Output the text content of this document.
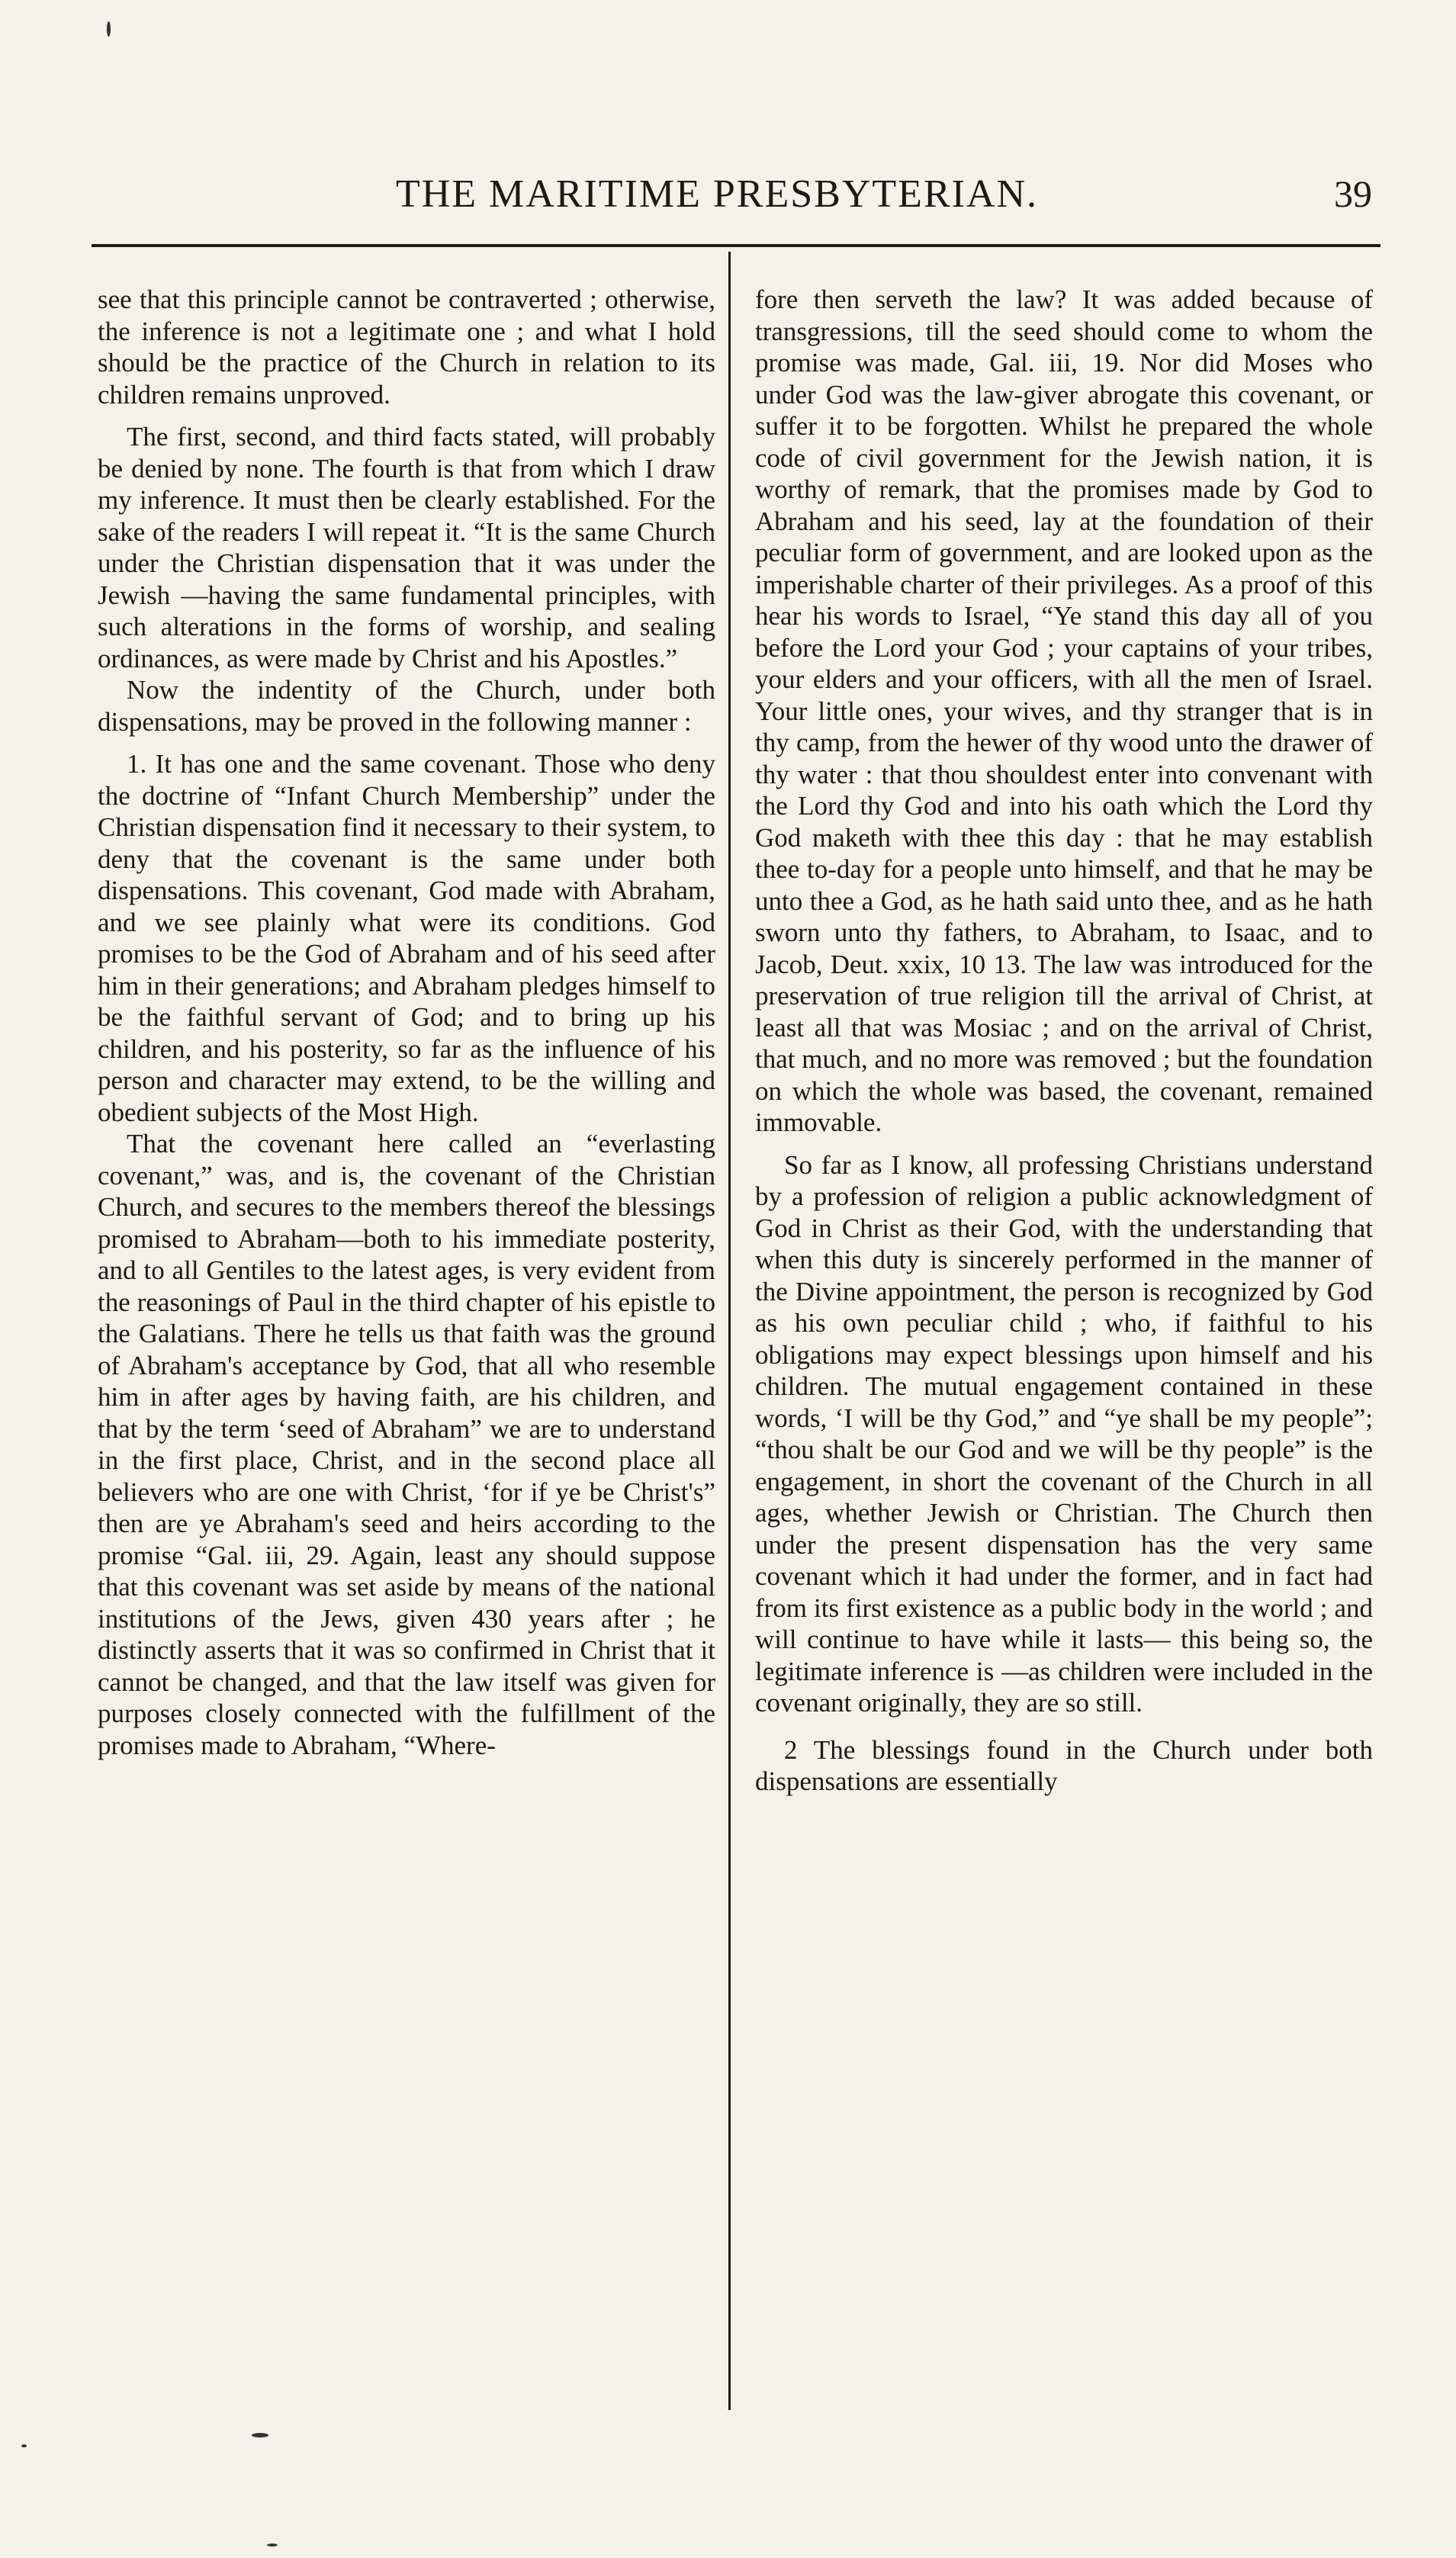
THE MARITIME PRESBYTERIAN.	39

see that this principle cannot be contraverted ; otherwise, the inference is not a legitimate one ; and what I hold should be the practice of the Church in relation to its children remains unproved.

The first, second, and third facts stated, will probably be denied by none. The fourth is that from which I draw my inference. It must then be clearly established. For the sake of the readers I will repeat it. “It is the same Church under the Christian dispensation that it was under the Jewish —having the same fundamental principles, with such alterations in the forms of worship, and sealing ordinances, as were made by Christ and his Apostles.”

Now the indentity of the Church, under both dispensations, may be proved in the following manner :

1. It has one and the same covenant. Those who deny the doctrine of “Infant Church Membership” under the Christian dispensation find it necessary to their system, to deny that the covenant is the same under both dispensations. This covenant, God made with Abraham, and we see plainly what were its conditions. God promises to be the God of Abraham and of his seed after him in their generations; and Abraham pledges himself to be the faithful servant of God; and to bring up his children, and his posterity, so far as the influence of his person and character may extend, to be the willing and obedient subjects of the Most High.

That the covenant here called an “everlasting covenant,” was, and is, the covenant of the Christian Church, and secures to the members thereof the blessings promised to Abraham—both to his immediate posterity, and to all Gentiles to the latest ages, is very evident from the reasonings of Paul in the third chapter of his epistle to the Galatians. There he tells us that faith was the ground of Abraham's acceptance by God, that all who resemble him in after ages by having faith, are his children, and that by the term ‘seed of Abraham” we are to understand in the first place, Christ, and in the second place all believers who are one with Christ, ‘for if ye be Christ's” then are ye Abraham's seed and heirs according to the promise “Gal. iii, 29. Again, least any should suppose that this covenant was set aside by means of the national institutions of the Jews, given 430 years after ; he distinctly asserts that it was so confirmed in Christ that it cannot be changed, and that the law itself was given for purposes closely connected with the fulfillment of the promises made to Abraham, “Where-

fore then serveth the law? It was added because of transgressions, till the seed should come to whom the promise was made, Gal. iii, 19. Nor did Moses who under God was the law-giver abrogate this covenant, or suffer it to be forgotten. Whilst he prepared the whole code of civil government for the Jewish nation, it is worthy of remark, that the promises made by God to Abraham and his seed, lay at the foundation of their peculiar form of government, and are looked upon as the imperishable charter of their privileges. As a proof of this hear his words to Israel, “Ye stand this day all of you before the Lord your God ; your captains of your tribes, your elders and your officers, with all the men of Israel. Your little ones, your wives, and thy stranger that is in thy camp, from the hewer of thy wood unto the drawer of thy water : that thou shouldest enter into convenant with the Lord thy God and into his oath which the Lord thy God maketh with thee this day : that he may establish thee to-day for a people unto himself, and that he may be unto thee a God, as he hath said unto thee, and as he hath sworn unto thy fathers, to Abraham, to Isaac, and to Jacob, Deut. xxix, 10 13. The law was introduced for the preservation of true religion till the arrival of Christ, at least all that was Mosiac ; and on the arrival of Christ, that much, and no more was removed ; but the foundation on which the whole was based, the covenant, remained immovable.

So far as I know, all professing Christians understand by a profession of religion a public acknowledgment of God in Christ as their God, with the understanding that when this duty is sincerely performed in the manner of the Divine appointment, the person is recognized by God as his own peculiar child ; who, if faithful to his obligations may expect blessings upon himself and his children. The mutual engagement contained in these words, ‘I will be thy God,” and “ye shall be my people”; “thou shalt be our God and we will be thy people” is the engagement, in short the covenant of the Church in all ages, whether Jewish or Christian. The Church then under the present dispensation has the very same covenant which it had under the former, and in fact had from its first existence as a public body in the world ; and will continue to have while it lasts— this being so, the legitimate inference is —as children were included in the covenant originally, they are so still.

2 The blessings found in the Church under both dispensations are essentially
